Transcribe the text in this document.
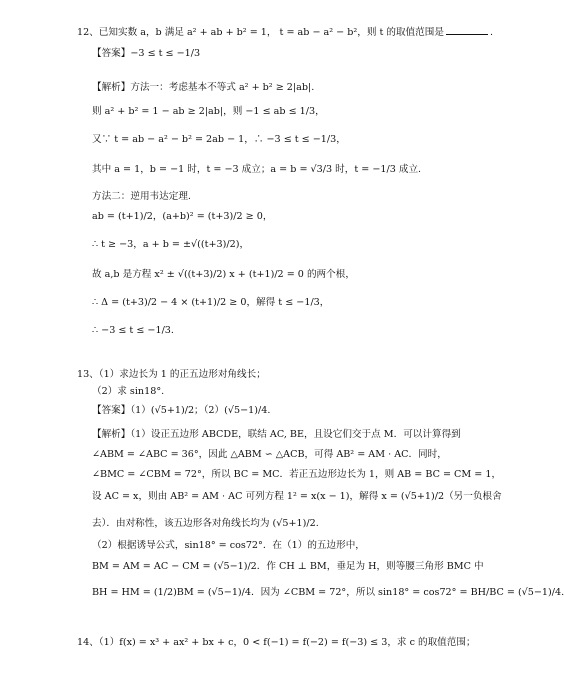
12、已知实数 a，b 满足 a² + ab + b² = 1， t = ab − a² − b²，则 t 的取值范围是	.
【答案】−3 ≤ t ≤ −1/3
【解析】方法一：考虑基本不等式 a² + b² ≥ 2|ab|.
则 a² + b² = 1 − ab ≥ 2|ab|，则 −1 ≤ ab ≤ 1/3，
又∵ t = ab − a² − b² = 2ab − 1，∴ −3 ≤ t ≤ −1/3，
其中 a = 1，b = −1 时，t = −3 成立；a = b = √3/3 时，t = −1/3 成立.
方法二：逆用韦达定理.
ab = (t+1)/2，(a+b)² = (t+3)/2 ≥ 0，
∴ t ≥ −3，a + b = ±√((t+3)/2)，
故 a,b 是方程 x² ± √((t+3)/2) x + (t+1)/2 = 0 的两个根，
∴ Δ = (t+3)/2 − 4 × (t+1)/2 ≥ 0，解得 t ≤ −1/3，
∴ −3 ≤ t ≤ −1/3.
13、（1）求边长为 1 的正五边形对角线长；
（2）求 sin18°.
【答案】（1）(√5+1)/2；（2）(√5−1)/4.
【解析】（1）设正五边形 ABCDE，联结 AC, BE，且设它们交于点 M．可以计算得到
∠ABM = ∠ABC = 36°，因此 △ABM ∽ △ACB，可得 AB² = AM · AC．同时，
∠BMC = ∠CBM = 72°，所以 BC = MC．若正五边形边长为 1，则 AB = BC = CM = 1，
设 AC = x，则由 AB² = AM · AC 可列方程 1² = x(x − 1)，解得 x = (√5+1)/2（另一负根舍
去）．由对称性，该五边形各对角线长均为 (√5+1)/2.
（2）根据诱导公式，sin18° = cos72°．在（1）的五边形中，
BM = AM = AC − CM = (√5−1)/2．作 CH ⊥ BM，垂足为 H，则等腰三角形 BMC 中
BH = HM = (1/2)BM = (√5−1)/4．因为 ∠CBM = 72°，所以 sin18° = cos72° = BH/BC = (√5−1)/4.
14、（1）f(x) = x³ + ax² + bx + c，0 < f(−1) = f(−2) = f(−3) ≤ 3，求 c 的取值范围；
